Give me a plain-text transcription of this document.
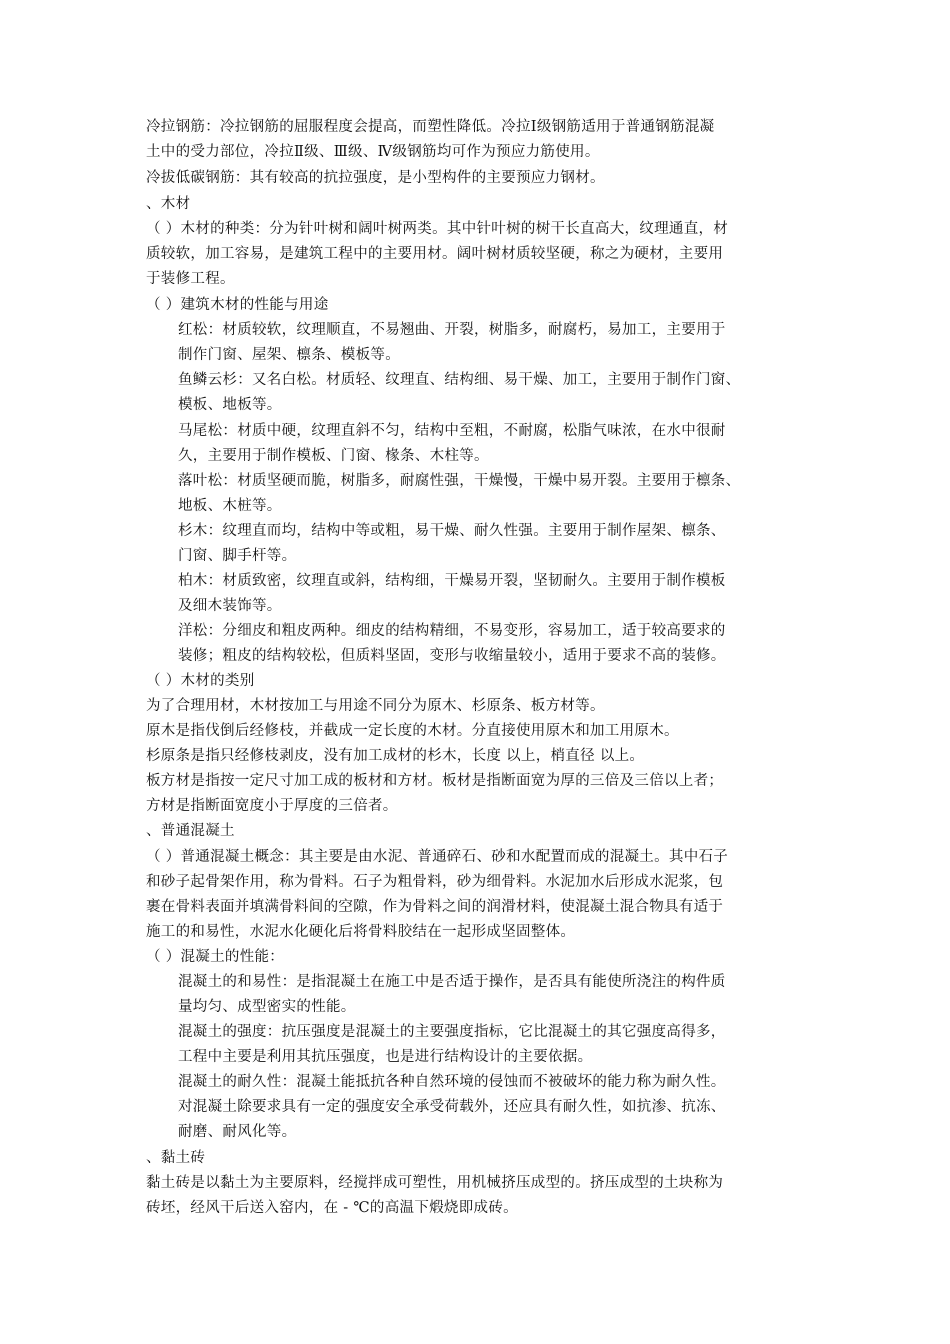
冷拉钢筋：冷拉钢筋的屈服程度会提高，而塑性降低。冷拉Ⅰ级钢筋适用于普通钢筋混凝
土中的受力部位，冷拉Ⅱ级、Ⅲ级、Ⅳ级钢筋均可作为预应力筋使用。
冷拔低碳钢筋：其有较高的抗拉强度，是小型构件的主要预应力钢材。
、木材
（ ）木材的种类：分为针叶树和阔叶树两类。其中针叶树的树干长直高大，纹理通直，材
质较软，加工容易，是建筑工程中的主要用材。阔叶树材质较坚硬，称之为硬材，主要用
于装修工程。
（ ）建筑木材的性能与用途
红松：材质较软，纹理顺直，不易翘曲、开裂，树脂多，耐腐朽，易加工，主要用于
制作门窗、屋架、檩条、模板等。
鱼鳞云杉：又名白松。材质轻、纹理直、结构细、易干燥、加工，主要用于制作门窗、
模板、地板等。
马尾松：材质中硬，纹理直斜不匀，结构中至粗，不耐腐，松脂气味浓，在水中很耐
久，主要用于制作模板、门窗、椽条、木柱等。
落叶松：材质坚硬而脆，树脂多，耐腐性强，干燥慢，干燥中易开裂。主要用于檩条、
地板、木桩等。
杉木：纹理直而均，结构中等或粗，易干燥、耐久性强。主要用于制作屋架、檩条、
门窗、脚手杆等。
柏木：材质致密，纹理直或斜，结构细，干燥易开裂，坚韧耐久。主要用于制作模板
及细木装饰等。
洋松：分细皮和粗皮两种。细皮的结构精细，不易变形，容易加工，适于较高要求的
装修；粗皮的结构较松，但质料坚固，变形与收缩量较小，适用于要求不高的装修。
（ ）木材的类别
为了合理用材，木材按加工与用途不同分为原木、杉原条、板方材等。
原木是指伐倒后经修枝，并截成一定长度的木材。分直接使用原木和加工用原木。
杉原条是指只经修枝剥皮，没有加工成材的杉木，长度 以上，梢直径 以上。
板方材是指按一定尺寸加工成的板材和方材。板材是指断面宽为厚的三倍及三倍以上者；
方材是指断面宽度小于厚度的三倍者。
、普通混凝土
（ ）普通混凝土概念：其主要是由水泥、普通碎石、砂和水配置而成的混凝土。其中石子
和砂子起骨架作用，称为骨料。石子为粗骨料，砂为细骨料。水泥加水后形成水泥浆，包
裹在骨料表面并填满骨料间的空隙，作为骨料之间的润滑材料，使混凝土混合物具有适于
施工的和易性，水泥水化硬化后将骨料胶结在一起形成坚固整体。
（ ）混凝土的性能：
混凝土的和易性：是指混凝土在施工中是否适于操作，是否具有能使所浇注的构件质
量均匀、成型密实的性能。
混凝土的强度：抗压强度是混凝土的主要强度指标，它比混凝土的其它强度高得多，
工程中主要是利用其抗压强度，也是进行结构设计的主要依据。
混凝土的耐久性：混凝土能抵抗各种自然环境的侵蚀而不被破坏的能力称为耐久性。
对混凝土除要求具有一定的强度安全承受荷载外，还应具有耐久性，如抗渗、抗冻、
耐磨、耐风化等。
、黏土砖
黏土砖是以黏土为主要原料，经搅拌成可塑性，用机械挤压成型的。挤压成型的土块称为
砖坯，经风干后送入窑内，在 - ℃的高温下煅烧即成砖。
